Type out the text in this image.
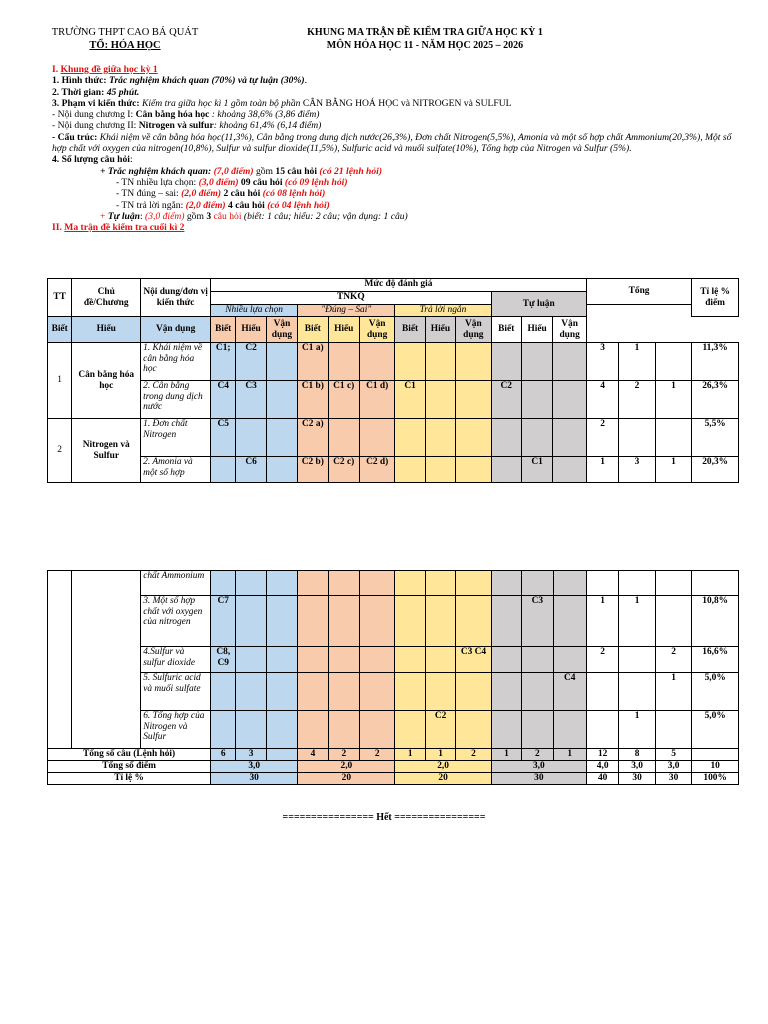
TRƯỜNG THPT CAO BÁ QUÁT
TỔ: HÓA HỌC
KHUNG MA TRẬN ĐỀ KIỂM TRA GIỮA HỌC KỲ 1
MÔN HÓA HỌC 11 - NĂM HỌC 2025 – 2026
I. Khung đề giữa học kỳ 1
1. Hình thức: Trắc nghiệm khách quan (70%) và tự luận (30%).
2. Thời gian: 45 phút.
3. Phạm vi kiến thức: Kiểm tra giữa học kì 1 gồm toàn bộ phần CÂN BẰNG HOÁ HỌC và NITROGEN và SULFUL
- Nội dung chương I: Cân bằng hóa học : khoảng 38,6% (3,86 điểm)
- Nội dung chương II: Nitrogen và sulfur: khoảng 61,4% (6,14 điểm)
- Cấu trúc: Khái niệm về cân bằng hóa học(11,3%), Cân bằng trong dung dịch nước(26,3%), Đơn chất Nitrogen(5,5%), Amonia và một số hợp chất Ammonium(20,3%), Một số hợp chất với oxygen của nitrogen(10,8%), Sulfur và sulfur dioxide(11,5%), Sulfuric acid và muối sulfate(10%), Tổng hợp của Nitrogen và Sulfur (5%).
4. Số lượng câu hỏi:
+ Trắc nghiệm khách quan: (7,0 điểm) gồm 15 câu hỏi (có 21 lệnh hỏi)
- TN nhiều lựa chọn: (3,0 điểm) 09 câu hỏi (có 09 lệnh hỏi)
- TN đúng – sai: (2,0 điểm) 2 câu hỏi (có 08 lệnh hỏi)
- TN trả lời ngắn: (2,0 điểm) 4 câu hỏi (có 04 lệnh hỏi)
+ Tự luận: (3,0 điểm) gồm 3 câu hỏi (biết: 1 câu; hiểu: 2 câu; vận dụng: 1 câu)
II. Ma trận đề kiểm tra cuối kì 2
TT	Chủ đề/Chương	Nội dung/đơn vị kiến thức	Mức độ đánh giá												Tổng			Tỉ lệ % điểm
			TNKQ									Tự luận						
			Nhiều lựa chọn			"Đúng – Sai"			Trả lời ngắn									
Biết	Hiểu	Vận dụng	Biết	Hiểu	Vận dụng	Biết	Hiểu	Vận dụng	Biết	Hiểu	Vận dụng	Biết	Hiểu	Vận dụng				
1	Cân bằng hóa học	1. Khái niệm về cân bằng hóa học	C1;	C2		C1 a)									3	1		11,3%
		2. Cân bằng trong dung dịch nước	C4	C3		C1 b)	C1 c)	C1 d)	C1			C2			4	2	1	26,3%
2	Nitrogen và Sulfur	1. Đơn chất Nitrogen	C5			C2 a)									2			5,5%
		2. Amonia và một số hợp		C6		C2 b)	C2 c)	C2 d)					C1		1	3	1	20,3%
		chất Ammonium																
		3. Một số hợp chất với oxygen của nitrogen	C7										C3		1	1		10,8%
		4.Sulfur và sulfur dioxide	C8, C9								C3 C4				2		2	16,6%
		5. Sulfuric acid và muối sulfate												C4			1	5,0%
		6. Tổng hợp của Nitrogen và Sulfur								C2						1		5,0%
Tổng số câu (Lệnh hỏi)			6	3		4	2	2	1	1	2	1	2	1	12	8	5	
Tổng số điểm			3,0			2,0			2,0			3,0			4,0	3,0	3,0	10
Tỉ lệ %			30			20			20			30			40	30	30	100%
================ Hết ================
